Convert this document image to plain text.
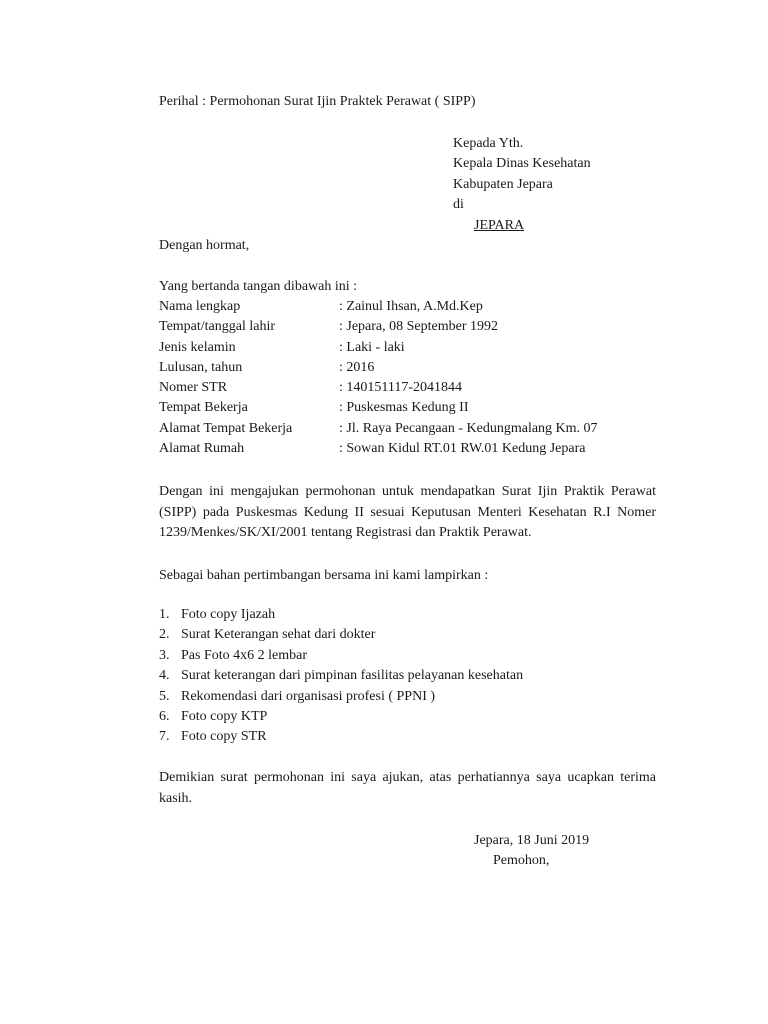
Perihal : Permohonan Surat Ijin Praktek Perawat ( SIPP)
Kepada Yth.
Kepala Dinas Kesehatan
Kabupaten Jepara
di
JEPARA
Dengan hormat,
Yang bertanda tangan dibawah ini :
Nama lengkap	: Zainul Ihsan, A.Md.Kep
Tempat/tanggal lahir	: Jepara, 08 September 1992
Jenis kelamin	: Laki - laki
Lulusan, tahun	: 2016
Nomer STR	: 140151117-2041844
Tempat Bekerja	: Puskesmas Kedung II
Alamat Tempat Bekerja	: Jl. Raya Pecangaan - Kedungmalang Km. 07
Alamat Rumah	: Sowan Kidul RT.01 RW.01 Kedung Jepara
Dengan ini mengajukan permohonan untuk mendapatkan Surat Ijin Praktik Perawat (SIPP) pada Puskesmas Kedung II sesuai Keputusan Menteri Kesehatan R.I Nomer 1239/Menkes/SK/XI/2001 tentang Registrasi dan Praktik Perawat.
Sebagai bahan pertimbangan bersama ini kami lampirkan :
1. Foto copy Ijazah
2. Surat Keterangan sehat dari dokter
3. Pas Foto 4x6 2 lembar
4. Surat keterangan dari pimpinan fasilitas pelayanan kesehatan
5. Rekomendasi dari organisasi profesi ( PPNI )
6. Foto copy KTP
7. Foto copy STR
Demikian surat permohonan ini saya ajukan, atas perhatiannya saya ucapkan terima kasih.
Jepara, 18 Juni 2019
Pemohon,
